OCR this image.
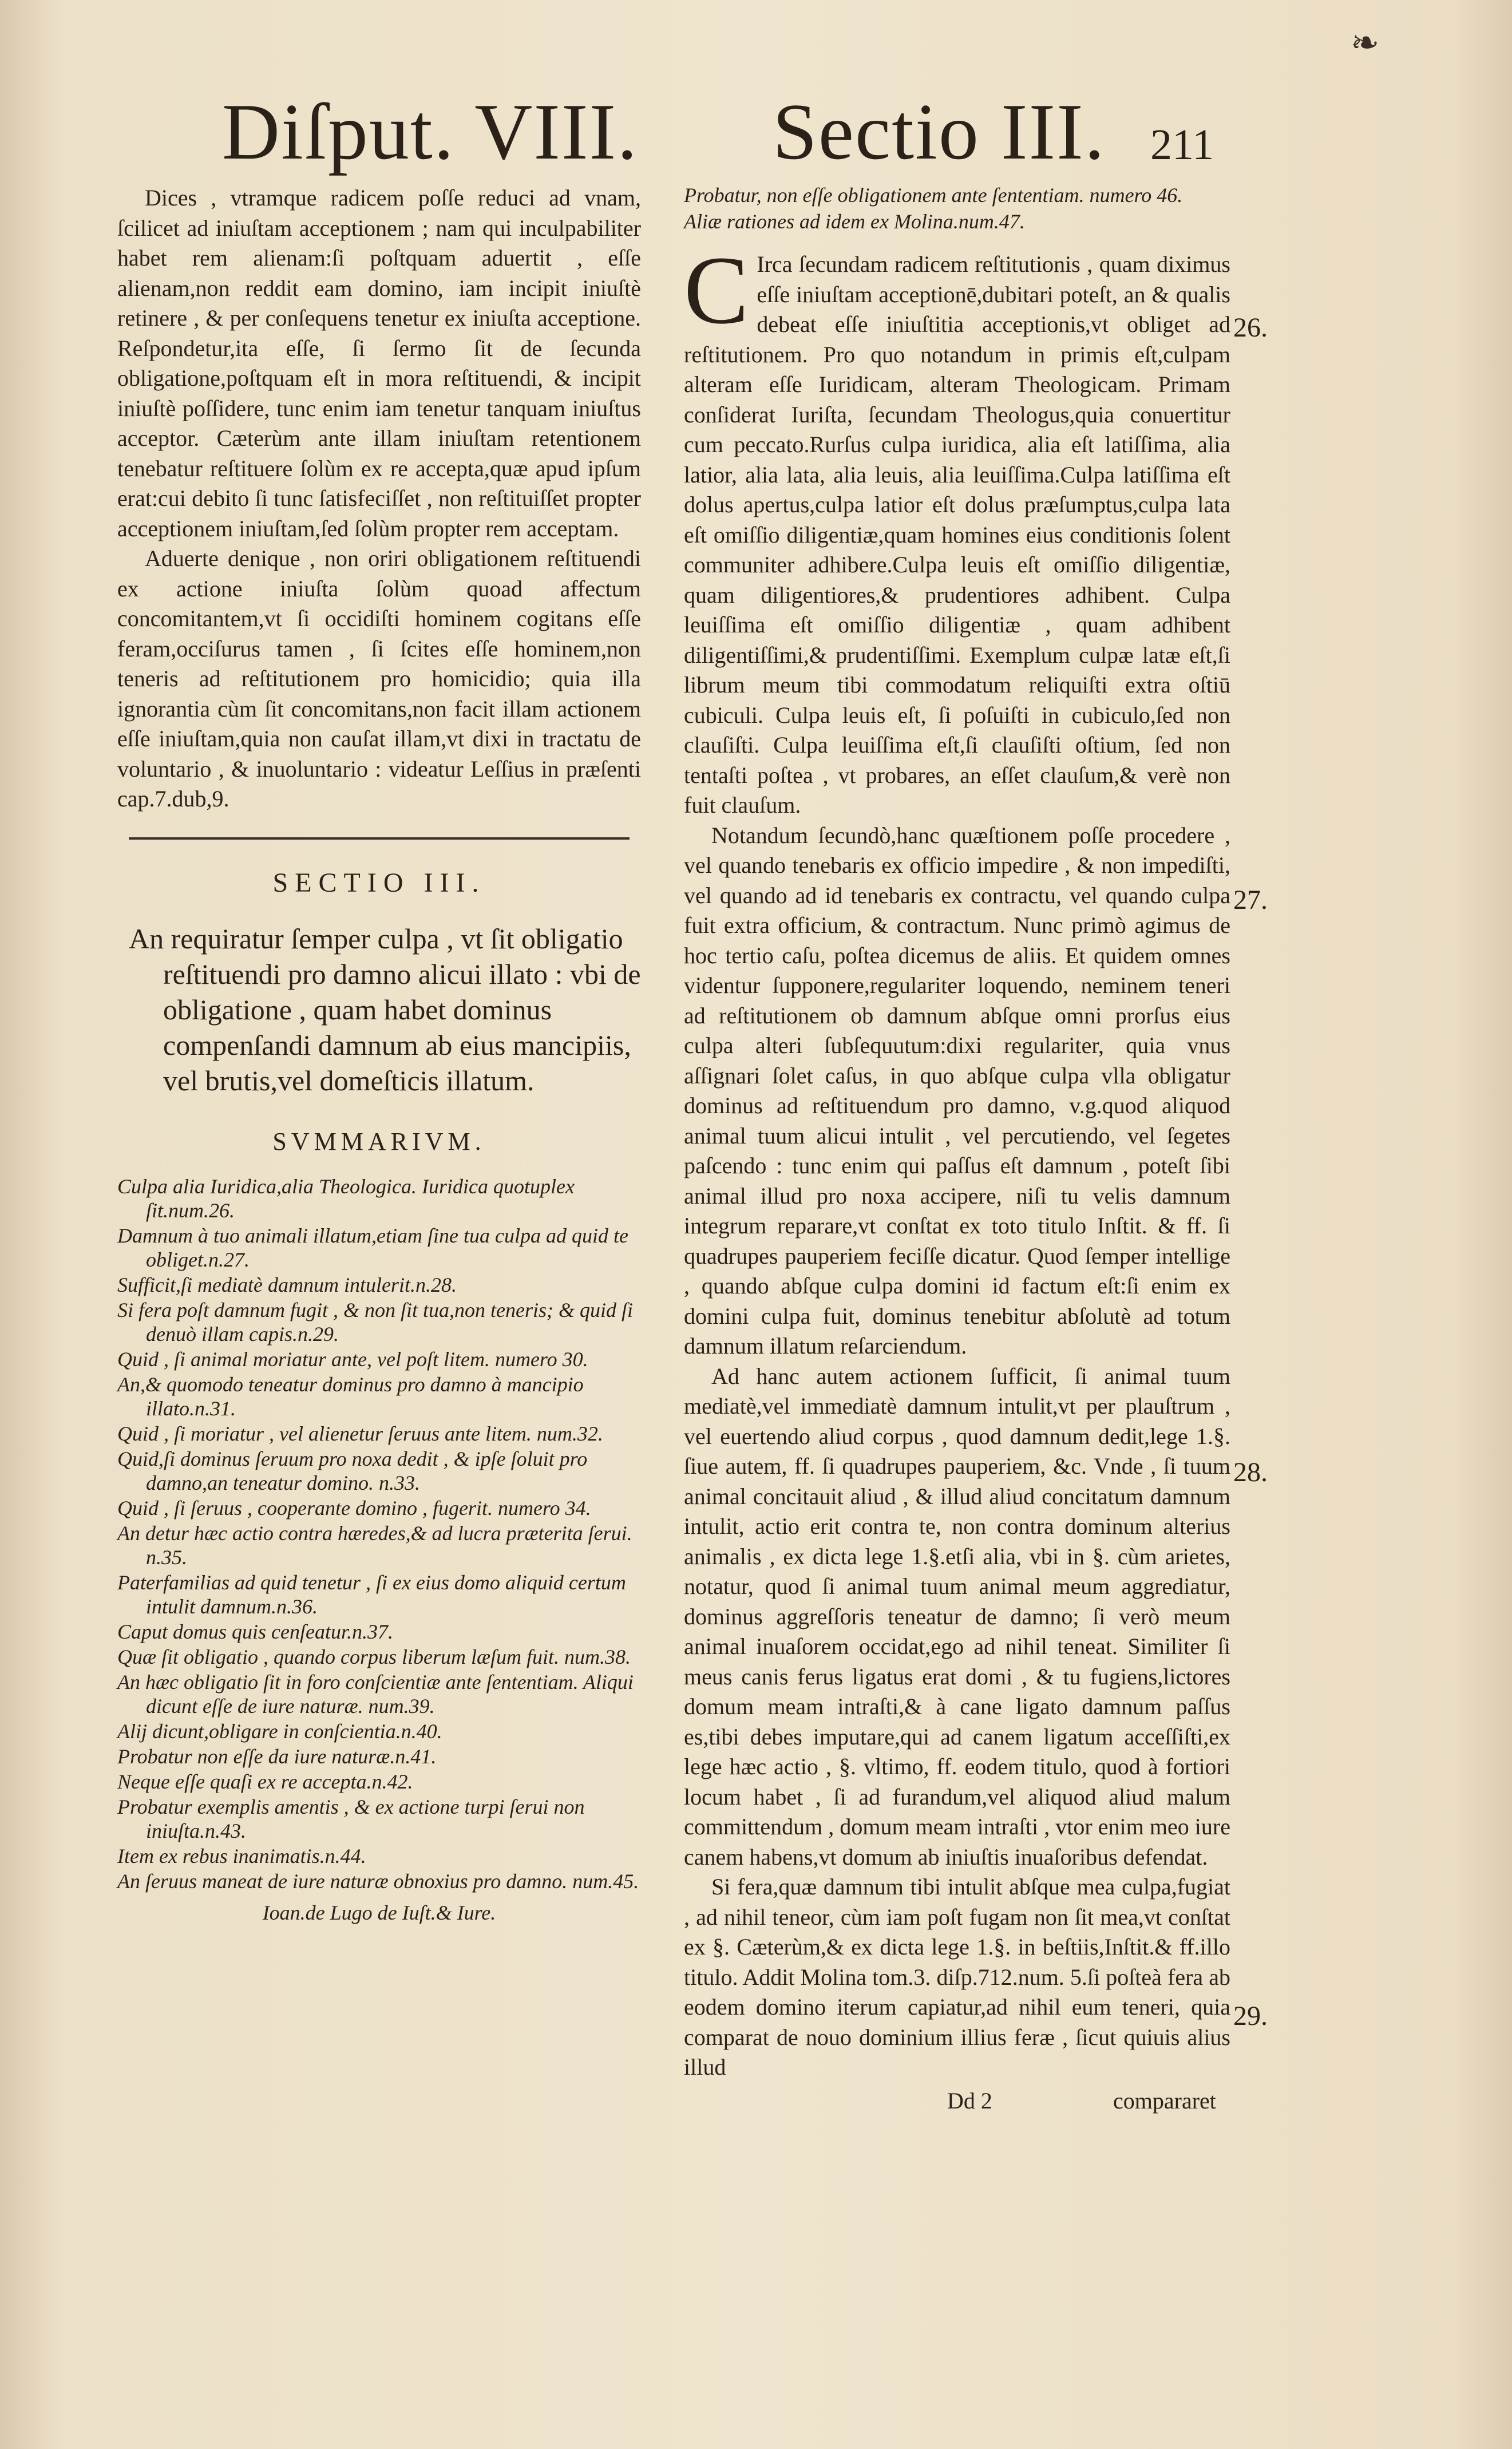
❧
Diſput. VIII. Sectio III. 211

Dices , vtramque radicem poſſe reduci ad vnam, ſcilicet ad iniuſtam acceptionem ; nam qui inculpabiliter habet rem alienam:ſi poſtquam aduertit , eſſe alienam,non reddit eam domino, iam incipit iniuſtè retinere , & per conſequens tenetur ex iniuſta acceptione. Reſpondetur,ita eſſe, ſi ſermo ſit de ſecunda obligatione,poſtquam eſt in mora reſtituendi, & incipit iniuſtè poſſidere, tunc enim iam tenetur tanquam iniuſtus acceptor. Cæterùm ante illam iniuſtam retentionem tenebatur reſtituere ſolùm ex re accepta,quæ apud ipſum erat:cui debito ſi tunc ſatisfeciſſet , non reſtituiſſet propter acceptionem iniuſtam,ſed ſolùm propter rem acceptam.

Aduerte denique , non oriri obligationem reſtituendi ex actione iniuſta ſolùm quoad affectum concomitantem,vt ſi occidiſti hominem cogitans eſſe feram,occiſurus tamen , ſi ſcites eſſe hominem,non teneris ad reſtitutionem pro homicidio; quia illa ignorantia cùm ſit concomitans,non facit illam actionem eſſe iniuſtam,quia non cauſat illam,vt dixi in tractatu de voluntario , & inuoluntario : videatur Leſſius in præſenti cap.7.dub,9.

SECTIO III.
An requiratur ſemper culpa , vt ſit obligatio reſtituendi pro damno alicui illato : vbi de obligatione , quam habet dominus compenſandi damnum ab eius mancipiis, vel brutis,vel domeſticis illatum.
SVMMARIVM.
Culpa alia Iuridica,alia Theologica. Iuridica quotuplex ſit.num.26.
Damnum à tuo animali illatum,etiam ſine tua culpa ad quid te obliget.n.27.
Sufficit,ſi mediatè damnum intulerit.n.28.
Si fera poſt damnum fugit , & non ſit tua,non teneris; & quid ſi denuò illam capis.n.29.
Quid , ſi animal moriatur ante, vel poſt litem. numero 30.
An,& quomodo teneatur dominus pro damno à mancipio illato.n.31.
Quid , ſi moriatur , vel alienetur ſeruus ante litem. num.32.
Quid,ſi dominus ſeruum pro noxa dedit , & ipſe ſoluit pro damno,an teneatur domino. n.33.
Quid , ſi ſeruus , cooperante domino , fugerit. numero 34.
An detur hæc actio contra hæredes,& ad lucra præterita ſerui. n.35.
Paterfamilias ad quid tenetur , ſi ex eius domo aliquid certum intulit damnum.n.36.
Caput domus quis cenſeatur.n.37.
Quæ ſit obligatio , quando corpus liberum læſum fuit. num.38.
An hæc obligatio ſit in foro conſcientiæ ante ſententiam. Aliqui dicunt eſſe de iure naturæ. num.39.
Alij dicunt,obligare in conſcientia.n.40.
Probatur non eſſe da iure naturæ.n.41.
Neque eſſe quaſi ex re accepta.n.42.
Probatur exemplis amentis , & ex actione turpi ſerui non iniuſta.n.43.
Item ex rebus inanimatis.n.44.
An ſeruus maneat de iure naturæ obnoxius pro damno. num.45.
Ioan.de Lugo de Iuſt.& Iure.
Probatur, non eſſe obligationem ante ſententiam. numero 46.
Aliæ rationes ad idem ex Molina.num.47.

C Irca ſecundam radicem reſtitutionis , quam diximus eſſe iniuſtam acceptionē,dubitari poteſt, an & qualis debeat eſſe iniuſtitia acceptionis,vt obliget ad reſtitutionem. Pro quo notandum in primis eſt,culpam alteram eſſe Iuridicam, alteram Theologicam. Primam conſiderat Iuriſta, ſecundam Theologus,quia conuertitur cum peccato.Rurſus culpa iuridica, alia eſt latiſſima, alia latior, alia lata, alia leuis, alia leuiſſima.Culpa latiſſima eſt dolus apertus,culpa latior eſt dolus præſumptus,culpa lata eſt omiſſio diligentiæ,quam homines eius conditionis ſolent communiter adhibere.Culpa leuis eſt omiſſio diligentiæ, quam diligentiores,& prudentiores adhibent. Culpa leuiſſima eſt omiſſio diligentiæ , quam adhibent diligentiſſimi,& prudentiſſimi. Exemplum culpæ latæ eſt,ſi librum meum tibi commodatum reliquiſti extra oſtiū cubiculi. Culpa leuis eſt, ſi poſuiſti in cubiculo,ſed non clauſiſti. Culpa leuiſſima eſt,ſi clauſiſti oſtium, ſed non tentaſti poſtea , vt probares, an eſſet clauſum,& verè non fuit clauſum.

Notandum ſecundò,hanc quæſtionem poſſe procedere , vel quando tenebaris ex officio impedire , & non impediſti, vel quando ad id tenebaris ex contractu, vel quando culpa fuit extra officium, & contractum. Nunc primò agimus de hoc tertio caſu, poſtea dicemus de aliis. Et quidem omnes videntur ſupponere,regulariter loquendo, neminem teneri ad reſtitutionem ob damnum abſque omni prorſus eius culpa alteri ſubſequutum:dixi regulariter, quia vnus aſſignari ſolet caſus, in quo abſque culpa vlla obligatur dominus ad reſtituendum pro damno, v.g.quod aliquod animal tuum alicui intulit , vel percutiendo, vel ſegetes paſcendo : tunc enim qui paſſus eſt damnum , poteſt ſibi animal illud pro noxa accipere, niſi tu velis damnum integrum reparare,vt conſtat ex toto titulo Inſtit. & ff. ſi quadrupes pauperiem feciſſe dicatur. Quod ſemper intellige , quando abſque culpa domini id factum eſt:ſi enim ex domini culpa fuit, dominus tenebitur abſolutè ad totum damnum illatum reſarciendum.

Ad hanc autem actionem ſufficit, ſi animal tuum mediatè,vel immediatè damnum intulit,vt per plauſtrum , vel euertendo aliud corpus , quod damnum dedit,lege 1.§. ſiue autem, ff. ſi quadrupes pauperiem, &c. Vnde , ſi tuum animal concitauit aliud , & illud aliud concitatum damnum intulit, actio erit contra te, non contra dominum alterius animalis , ex dicta lege 1.§.etſi alia, vbi in §. cùm arietes, notatur, quod ſi animal tuum animal meum aggrediatur, dominus aggreſſoris teneatur de damno; ſi verò meum animal inuaſorem occidat,ego ad nihil teneat. Similiter ſi meus canis ferus ligatus erat domi , & tu fugiens,lictores domum meam intraſti,& à cane ligato damnum paſſus es,tibi debes imputare,qui ad canem ligatum acceſſiſti,ex lege hæc actio , §. vltimo, ff. eodem titulo, quod à fortiori locum habet , ſi ad furandum,vel aliquod aliud malum committendum , domum meam intraſti , vtor enim meo iure canem habens,vt domum ab iniuſtis inuaſoribus defendat.

Si fera,quæ damnum tibi intulit abſque mea culpa,fugiat , ad nihil teneor, cùm iam poſt fugam non ſit mea,vt conſtat ex §. Cæterùm,& ex dicta lege 1.§. in beſtiis,Inſtit.& ff.illo titulo. Addit Molina tom.3. diſp.712.num. 5.ſi poſteà fera ab eodem domino iterum capiatur,ad nihil eum teneri, quia comparat de nouo dominium illius feræ , ſicut quiuis alius illud

Dd 2	compararet
26.
27.
28.
29.
